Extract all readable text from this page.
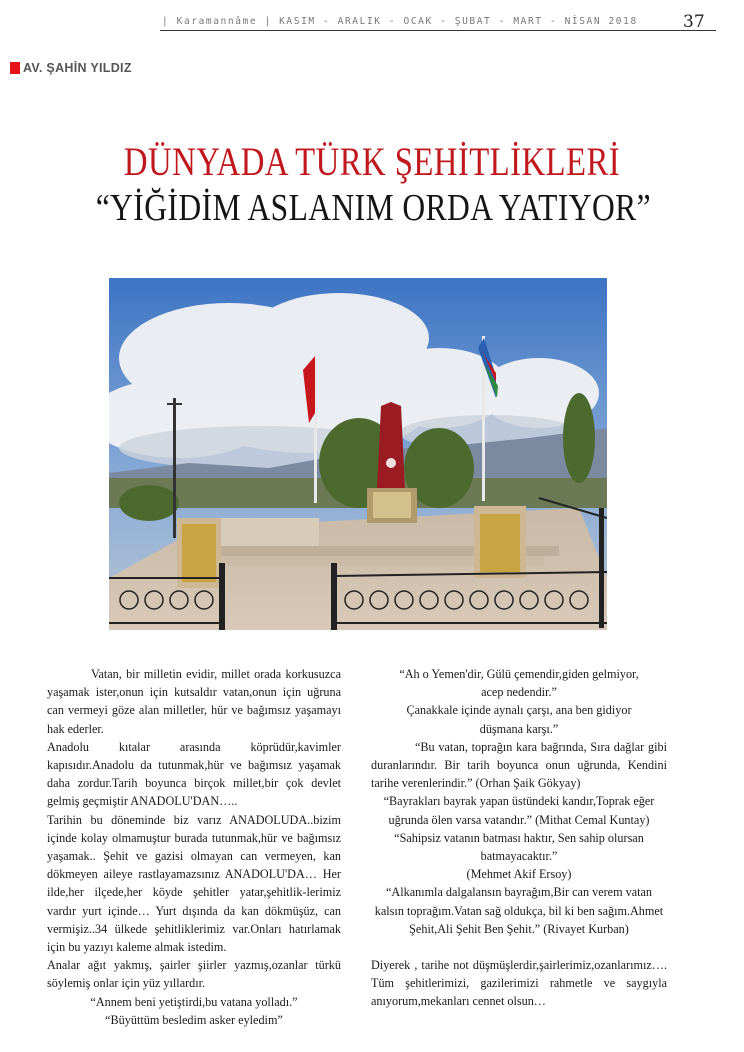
| Karamannâme | KASIM - ARALIK - OCAK - ŞUBAT - MART - NİSAN 2018	37
AV. ŞAHİN YILDIZ
DÜNYADA TÜRK ŞEHİTLİKLERİ
“YİĞİDİM ASLANIM ORDA YATIYOR”

Vatan, bir milletin evidir, millet orada korkusuzca yaşamak ister,onun için kutsaldır vatan,onun için uğruna can vermeyi göze alan milletler, hür ve bağımsız yaşamayı hak ederler.

Anadolu kıtalar arasında köprüdür,kavimler kapısıdır.Anadolu da tutunmak,hür ve bağımsız yaşamak daha zordur.Tarih boyunca birçok millet,bir çok devlet gelmiş geçmiştir ANADOLU'DAN…..

Tarihin bu döneminde biz varız ANADOLUDA..bizim içinde kolay olmamuştur burada tutunmak,hür ve bağımsız yaşamak.. Şehit ve gazisi olmayan can vermeyen, kan dökmeyen aileye rastlayamazsınız ANADOLU'DA… Her ilde,her ilçede,her köyde şehitler yatar,şehitlik-lerimiz vardır yurt içinde… Yurt dışında da kan dökmüşüz, can vermişiz..34 ülkede şehitliklerimiz var.Onları hatırlamak için bu yazıyı kaleme almak istedim.

Analar ağıt yakmış, şairler şiirler yazmış,ozanlar türkü söylemiş onlar için yüz yıllardır.

“Annem beni yetiştirdi,bu vatana yolladı.”

“Büyüttüm besledim asker eyledim”

“Ah o Yemen'dir, Gülü çemendir,giden gelmiyor,

acep nedendir.”

Çanakkale içinde aynalı çarşı, ana ben gidiyor

düşmana karşı.”

“Bu vatan, toprağın kara bağrında, Sıra dağlar gibi duranlarındır. Bir tarih boyunca onun uğrunda, Kendini tarihe verenlerindir.” (Orhan Şaik Gökyay)

“Bayrakları bayrak yapan üstündeki kandır,Toprak eğer uğrunda ölen varsa vatandır.” (Mithat Cemal Kuntay)

“Sahipsiz vatanın batması haktır, Sen sahip olursan

batmayacaktır.”

(Mehmet Akif Ersoy)

“Alkanımla dalgalansın bayrağım,Bir can verem vatan kalsın toprağım.Vatan sağ oldukça, bil ki ben sağım.Ahmet Şehit,Ali Şehit Ben Şehit.” (Rivayet Kurban)

Diyerek , tarihe not düşmüşlerdir,şairlerimiz,ozanlarımız…. Tüm şehitlerimizi, gazilerimizi rahmetle ve saygıyla anıyorum,mekanları cennet olsun…
